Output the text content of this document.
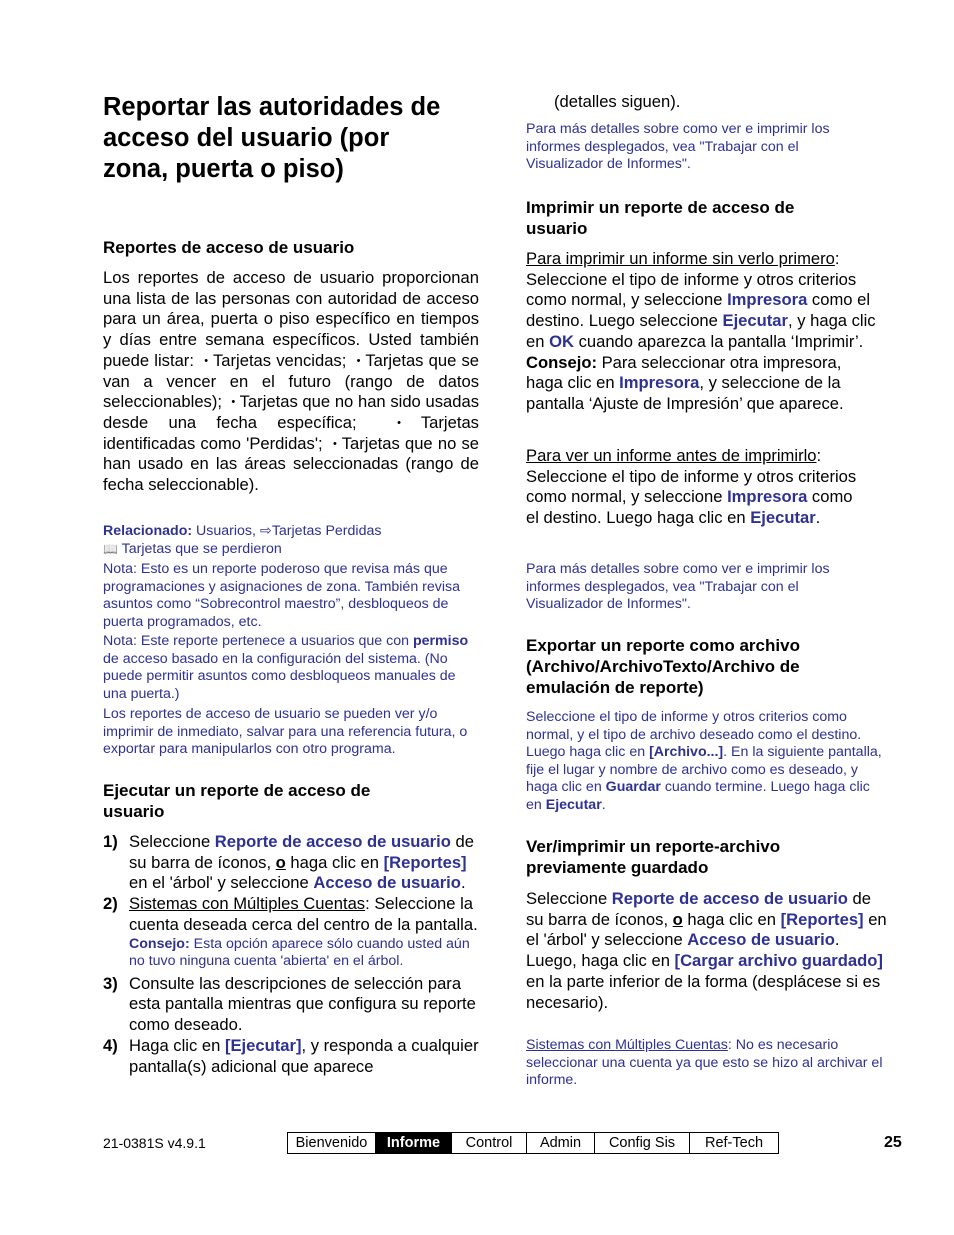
Reportar las autoridades de
acceso del usuario (por
zona, puerta o piso)
Reportes de acceso de usuario
Los reportes de acceso de usuario proporcionan una lista de las personas con autoridad de acceso para un área, puerta o piso específico en tiempos y días entre semana específicos. Usted también puede listar: • Tarjetas vencidas; • Tarjetas que se van a vencer en el futuro (rango de datos seleccionables); • Tarjetas que no han sido usadas desde una fecha específica;	• Tarjetas identificadas como 'Perdidas'; • Tarjetas que no se han usado en las áreas seleccionadas (rango de fecha seleccionable).
Relacionado: Usuarios, ⇨Tarjetas Perdidas
📖 Tarjetas que se perdieron
Nota: Esto es un reporte poderoso que revisa más que programaciones y asignaciones de zona. También revisa asuntos como “Sobrecontrol maestro”, desbloqueos de puerta programados, etc.
Nota: Este reporte pertenece a usuarios que con permiso de acceso basado en la configuración del sistema. (No puede permitir asuntos como desbloqueos manuales de una puerta.)
Los reportes de acceso de usuario se pueden ver y/o imprimir de inmediato, salvar para una referencia futura, o exportar para manipularlos con otro programa.
Ejecutar un reporte de acceso de
usuario
1) Seleccione Reporte de acceso de usuario de su barra de íconos, o haga clic en [Reportes] en el 'árbol' y seleccione Acceso de usuario.
2) Sistemas con Múltiples Cuentas: Seleccione la cuenta deseada cerca del centro de la pantalla.
Consejo: Esta opción aparece sólo cuando usted aún no tuvo ninguna cuenta 'abierta' en el árbol.
3) Consulte las descripciones de selección para esta pantalla mientras que configura su reporte como deseado.
4) Haga clic en [Ejecutar], y responda a cualquier pantalla(s) adicional que aparece
(detalles siguen).
Para más detalles sobre como ver e imprimir los informes desplegados, vea "Trabajar con el Visualizador de Informes".
Imprimir un reporte de acceso de
usuario
Para imprimir un informe sin verlo primero: Seleccione el tipo de informe y otros criterios como normal, y seleccione Impresora como el destino. Luego seleccione Ejecutar, y haga clic en OK cuando aparezca la pantalla ‘Imprimir’. Consejo: Para seleccionar otra impresora, haga clic en Impresora, y seleccione de la pantalla ‘Ajuste de Impresión’ que aparece.
Para ver un informe antes de imprimirlo: Seleccione el tipo de informe y otros criterios como normal, y seleccione Impresora como el destino. Luego haga clic en Ejecutar.
Para más detalles sobre como ver e imprimir los informes desplegados, vea "Trabajar con el Visualizador de Informes".
Exportar un reporte como archivo
(Archivo/ArchivoTexto/Archivo de
emulación de reporte)
Seleccione el tipo de informe y otros criterios como normal, y el tipo de archivo deseado como el destino. Luego haga clic en [Archivo...]. En la siguiente pantalla, fije el lugar y nombre de archivo como es deseado, y haga clic en Guardar cuando termine. Luego haga clic en Ejecutar.
Ver/imprimir un reporte-archivo
previamente guardado
Seleccione Reporte de acceso de usuario de su barra de íconos, o haga clic en [Reportes] en el 'árbol' y seleccione Acceso de usuario. Luego, haga clic en [Cargar archivo guardado] en la parte inferior de la forma (desplácese si es necesario).
Sistemas con Múltiples Cuentas: No es necesario seleccionar una cuenta ya que esto se hizo al archivar el informe.
21-0381S v4.9.1	Bienvenido	Informe	Control	Admin	Config Sis	Ref-Tech	25
